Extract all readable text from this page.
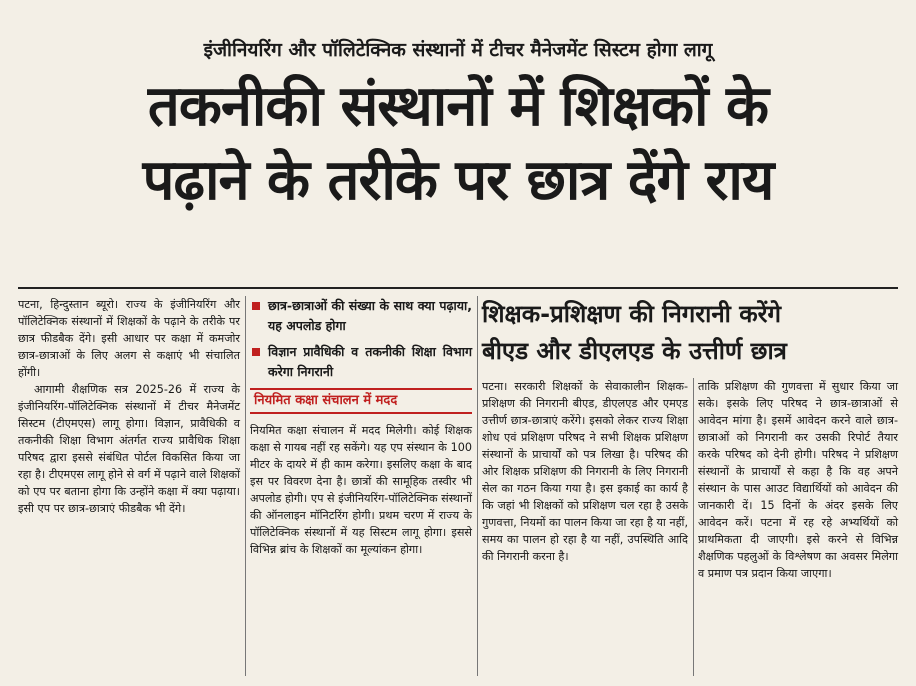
इंजीनियरिंग और पॉलिटेक्निक संस्थानों में टीचर मैनेजमेंट सिस्टम होगा लागू
तकनीकी संस्थानों में शिक्षकों के
पढ़ाने के तरीके पर छात्र देंगे राय

पटना, हिन्दुस्तान ब्यूरो। राज्य के इंजीनियरिंग और पॉलिटेक्निक संस्थानों में शिक्षकों के पढ़ाने के तरीके पर छात्र फीडबैक देंगे। इसी आधार पर कक्षा में कमजोर छात्र-छात्राओं के लिए अलग से कक्षाएं भी संचालित होंगी।

आगामी शैक्षणिक सत्र 2025-26 में राज्य के इंजीनियरिंग-पॉलिटेक्निक संस्थानों में टीचर मैनेजमेंट सिस्टम (टीएमएस) लागू होगा। विज्ञान, प्रावैधिकी व तकनीकी शिक्षा विभाग अंतर्गत राज्य प्रावैधिक शिक्षा परिषद द्वारा इससे संबंधित पोर्टल विकसित किया जा रहा है। टीएमएस लागू होने से वर्ग में पढ़ाने वाले शिक्षकों को एप पर बताना होगा कि उन्होंने कक्षा में क्या पढ़ाया। इसी एप पर छात्र-छात्राएं फीडबैक भी देंगे।

छात्र-छात्राओं की संख्या के साथ क्या पढ़ाया, यह अपलोड होगा
विज्ञान प्रावैधिकी व तकनीकी शिक्षा विभाग करेगा निगरानी
नियमित कक्षा संचालन में मदद

नियमित कक्षा संचालन में मदद मिलेगी। कोई शिक्षक कक्षा से गायब नहीं रह सकेंगे। यह एप संस्थान के 100 मीटर के दायरे में ही काम करेगा। इसलिए कक्षा के बाद इस पर विवरण देना है। छात्रों की सामूहिक तस्वीर भी अपलोड होगी। एप से इंजीनियरिंग-पॉलिटेक्निक संस्थानों की ऑनलाइन मॉनिटरिंग होगी। प्रथम चरण में राज्य के पॉलिटेक्निक संस्थानों में यह सिस्टम लागू होगा। इससे विभिन्न ब्रांच के शिक्षकों का मूल्यांकन होगा।

शिक्षक-प्रशिक्षण की निगरानी करेंगे
बीएड और डीएलएड के उत्तीर्ण छात्र

पटना। सरकारी शिक्षकों के सेवाकालीन शिक्षक-प्रशिक्षण की निगरानी बीएड, डीएलएड और एमएड उत्तीर्ण छात्र-छात्राएं करेंगे। इसको लेकर राज्य शिक्षा शोध एवं प्रशिक्षण परिषद ने सभी शिक्षक प्रशिक्षण संस्थानों के प्राचार्यों को पत्र लिखा है। परिषद की ओर शिक्षक प्रशिक्षण की निगरानी के लिए निगरानी सेल का गठन किया गया है। इस इकाई का कार्य है कि जहां भी शिक्षकों को प्रशिक्षण चल रहा है उसके गुणवत्ता, नियमों का पालन किया जा रहा है या नहीं, समय का पालन हो रहा है या नहीं, उपस्थिति आदि की निगरानी करना है।

ताकि प्रशिक्षण की गुणवत्ता में सुधार किया जा सके। इसके लिए परिषद ने छात्र-छात्राओं से आवेदन मांगा है। इसमें आवेदन करने वाले छात्र-छात्राओं को निगरानी कर उसकी रिपोर्ट तैयार करके परिषद को देनी होगी। परिषद ने प्रशिक्षण संस्थानों के प्राचार्यों से कहा है कि वह अपने संस्थान के पास आउट विद्यार्थियों को आवेदन की जानकारी दें। 15 दिनों के अंदर इसके लिए आवेदन करें। पटना में रह रहे अभ्यर्थियों को प्राथमिकता दी जाएगी। इसे करने से विभिन्न शैक्षणिक पहलुओं के विश्लेषण का अवसर मिलेगा व प्रमाण पत्र प्रदान किया जाएगा।
